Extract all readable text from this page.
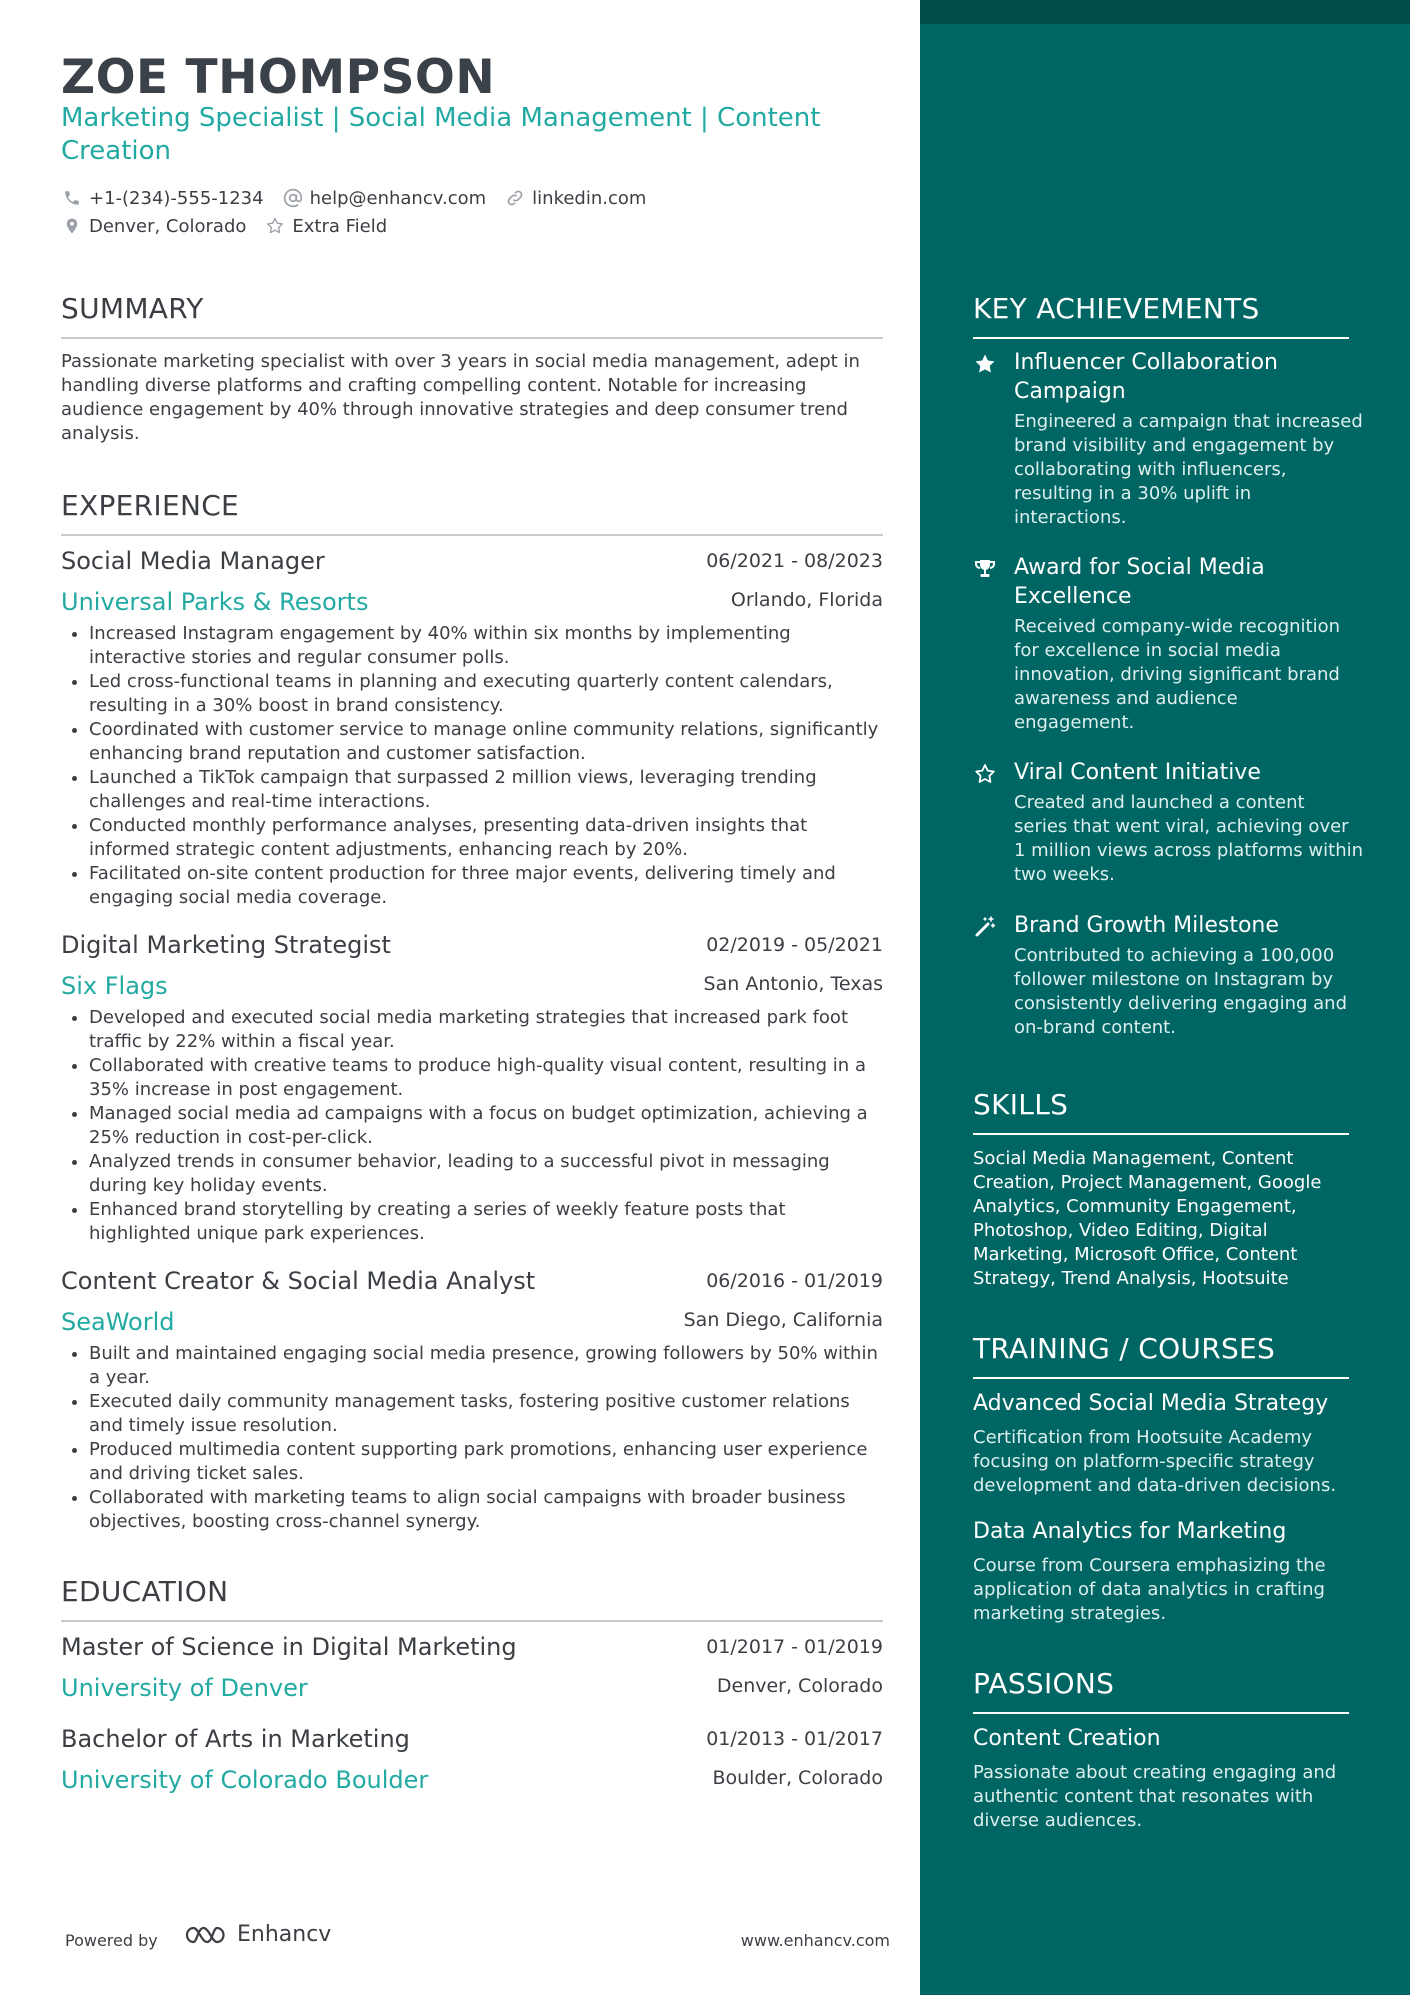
ZOE THOMPSON
Marketing Specialist | Social Media Management | Content Creation
+1-(234)-555-1234	help@enhancv.com	linkedin.com
Denver, Colorado	Extra Field
SUMMARY
Passionate marketing specialist with over 3 years in social media management, adept in handling diverse platforms and crafting compelling content. Notable for increasing audience engagement by 40% through innovative strategies and deep consumer trend analysis.
EXPERIENCE
Social Media Manager	06/2021 - 08/2023
Universal Parks & Resorts	Orlando, Florida
Increased Instagram engagement by 40% within six months by implementing interactive stories and regular consumer polls.
Led cross-functional teams in planning and executing quarterly content calendars, resulting in a 30% boost in brand consistency.
Coordinated with customer service to manage online community relations, significantly enhancing brand reputation and customer satisfaction.
Launched a TikTok campaign that surpassed 2 million views, leveraging trending challenges and real-time interactions.
Conducted monthly performance analyses, presenting data-driven insights that informed strategic content adjustments, enhancing reach by 20%.
Facilitated on-site content production for three major events, delivering timely and engaging social media coverage.
Digital Marketing Strategist	02/2019 - 05/2021
Six Flags	San Antonio, Texas
Developed and executed social media marketing strategies that increased park foot traffic by 22% within a fiscal year.
Collaborated with creative teams to produce high-quality visual content, resulting in a 35% increase in post engagement.
Managed social media ad campaigns with a focus on budget optimization, achieving a 25% reduction in cost-per-click.
Analyzed trends in consumer behavior, leading to a successful pivot in messaging during key holiday events.
Enhanced brand storytelling by creating a series of weekly feature posts that highlighted unique park experiences.
Content Creator & Social Media Analyst	06/2016 - 01/2019
SeaWorld	San Diego, California
Built and maintained engaging social media presence, growing followers by 50% within a year.
Executed daily community management tasks, fostering positive customer relations and timely issue resolution.
Produced multimedia content supporting park promotions, enhancing user experience and driving ticket sales.
Collaborated with marketing teams to align social campaigns with broader business objectives, boosting cross-channel synergy.
EDUCATION
Master of Science in Digital Marketing	01/2017 - 01/2019
University of Denver	Denver, Colorado
Bachelor of Arts in Marketing	01/2013 - 01/2017
University of Colorado Boulder	Boulder, Colorado
Powered by	Enhancv	www.enhancv.com
KEY ACHIEVEMENTS
Influencer Collaboration Campaign
Engineered a campaign that increased brand visibility and engagement by collaborating with influencers, resulting in a 30% uplift in interactions.
Award for Social Media Excellence
Received company-wide recognition for excellence in social media innovation, driving significant brand awareness and audience engagement.
Viral Content Initiative
Created and launched a content series that went viral, achieving over 1 million views across platforms within two weeks.
Brand Growth Milestone
Contributed to achieving a 100,000 follower milestone on Instagram by consistently delivering engaging and on-brand content.
SKILLS
Social Media Management, Content Creation, Project Management, Google Analytics, Community Engagement, Photoshop, Video Editing, Digital Marketing, Microsoft Office, Content Strategy, Trend Analysis, Hootsuite
TRAINING / COURSES
Advanced Social Media Strategy
Certification from Hootsuite Academy focusing on platform-specific strategy development and data-driven decisions.
Data Analytics for Marketing
Course from Coursera emphasizing the application of data analytics in crafting marketing strategies.
PASSIONS
Content Creation
Passionate about creating engaging and authentic content that resonates with diverse audiences.
